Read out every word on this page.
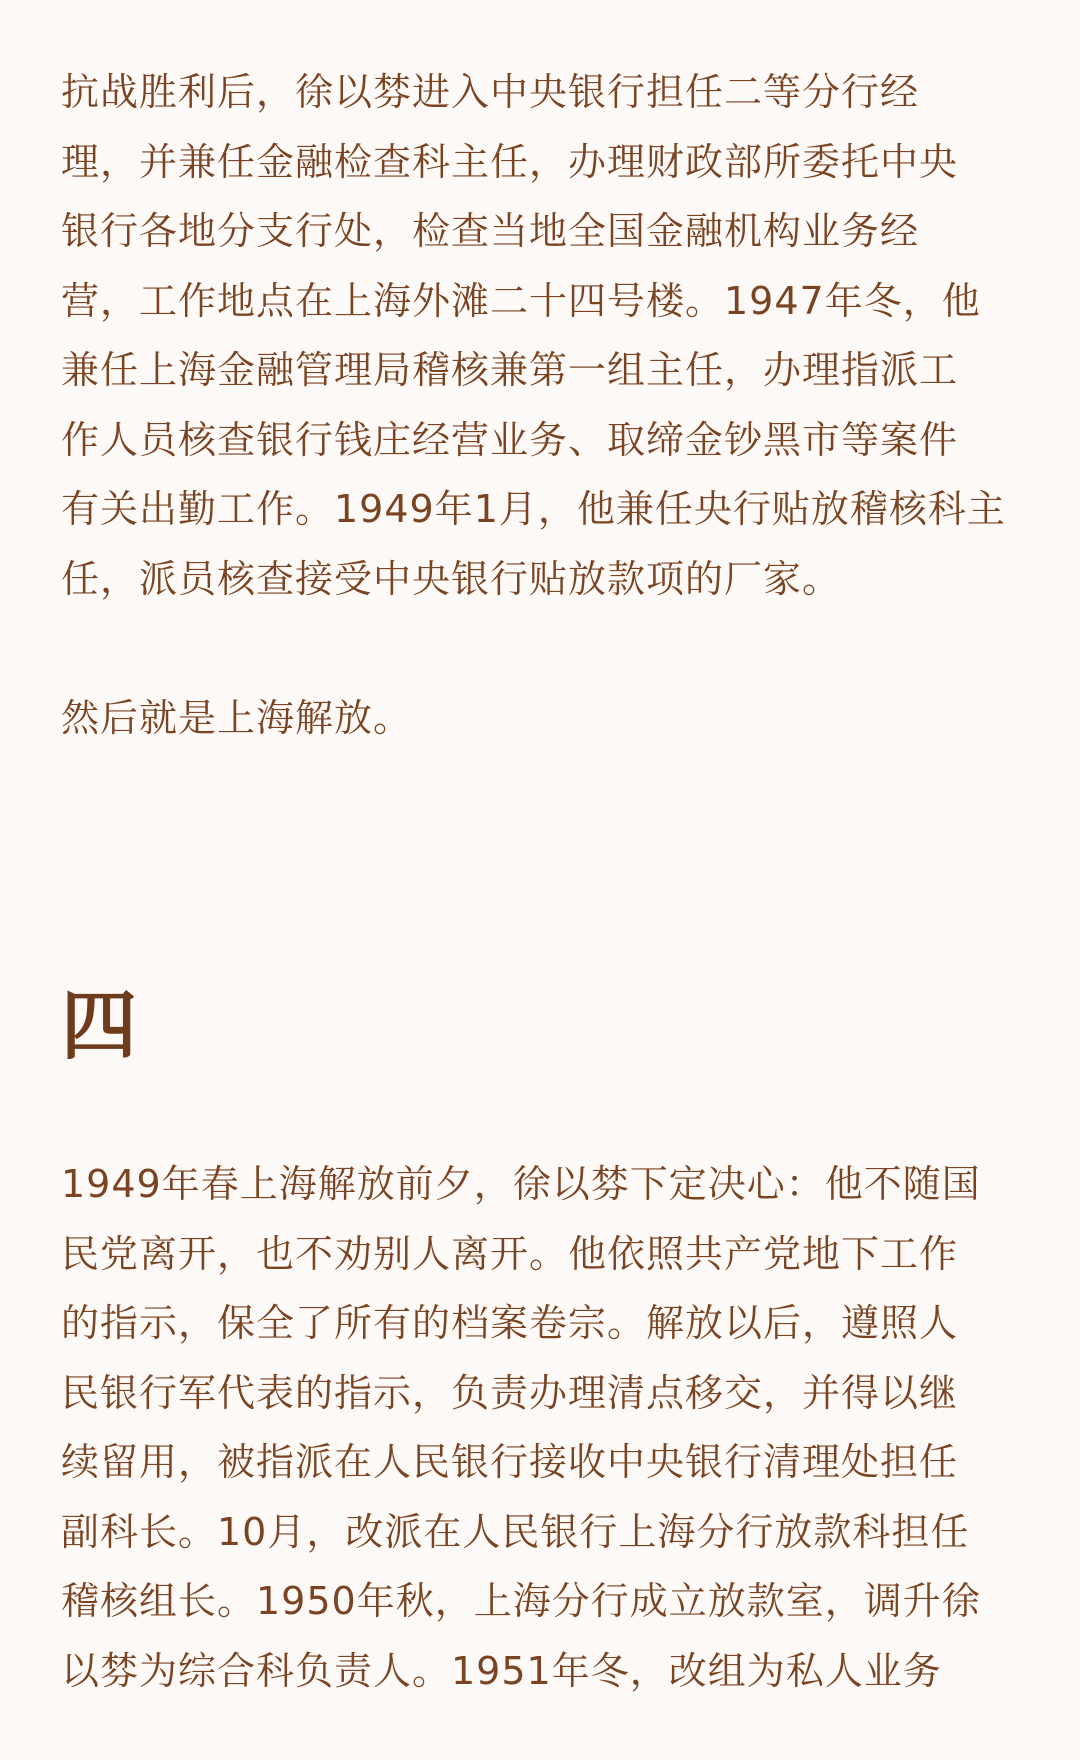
抗战胜利后，徐以棼进入中央银行担任二等分行经
理，并兼任金融检查科主任，办理财政部所委托中央
银行各地分支行处，检查当地全国金融机构业务经
营，工作地点在上海外滩二十四号楼。1947年冬，他
兼任上海金融管理局稽核兼第一组主任，办理指派工
作人员核查银行钱庄经营业务、取缔金钞黑市等案件
有关出勤工作。1949年1月，他兼任央行贴放稽核科主
任，派员核查接受中央银行贴放款项的厂家。

然后就是上海解放。

四

1949年春上海解放前夕，徐以棼下定决心：他不随国
民党离开，也不劝别人离开。他依照共产党地下工作
的指示，保全了所有的档案卷宗。解放以后，遵照人
民银行军代表的指示，负责办理清点移交，并得以继
续留用，被指派在人民银行接收中央银行清理处担任
副科长。10月，改派在人民银行上海分行放款科担任
稽核组长。1950年秋，上海分行成立放款室，调升徐
以棼为综合科负责人。1951年冬，改组为私人业务
